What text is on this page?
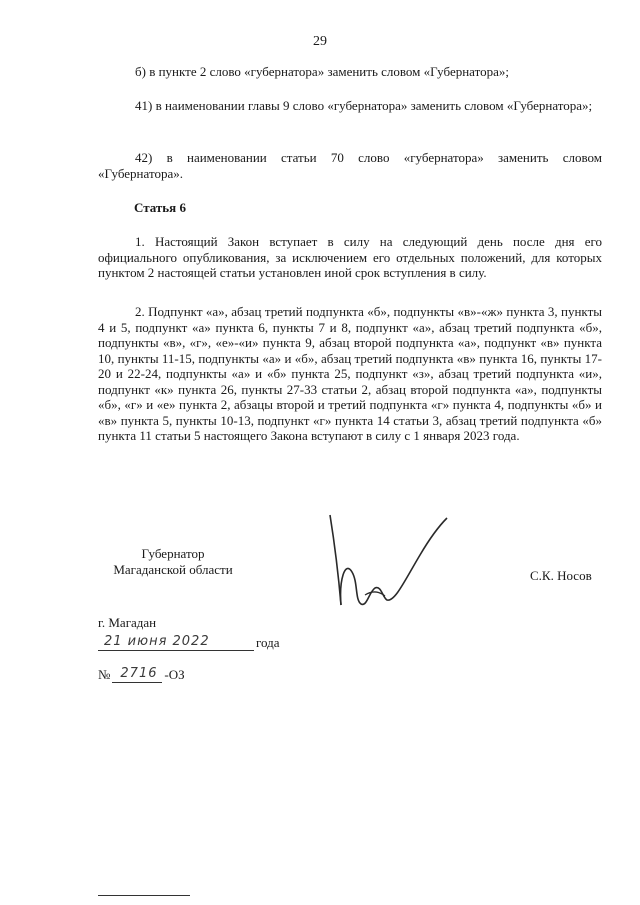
29
б) в пункте 2 слово «губернатора» заменить словом «Губернатора»;
41) в наименовании главы 9 слово «губернатора» заменить словом «Губернатора»;
42) в наименовании статьи 70 слово «губернатора» заменить словом «Губернатора».
Статья 6
1. Настоящий Закон вступает в силу на следующий день после дня его официального опубликования, за исключением его отдельных положений, для которых пунктом 2 настоящей статьи установлен иной срок вступления в силу.
2. Подпункт «а», абзац третий подпункта «б», подпункты «в»-«ж» пункта 3, пункты 4 и 5, подпункт «а» пункта 6, пункты 7 и 8, подпункт «а», абзац третий подпункта «б», подпункты «в», «г», «е»-«и» пункта 9, абзац второй подпункта «а», подпункт «в» пункта 10, пункты 11-15, подпункты «а» и «б», абзац третий подпункта «в» пункта 16, пункты 17-20 и 22-24, подпункты «а» и «б» пункта 25, подпункт «з», абзац третий подпункта «и», подпункт «к» пункта 26, пункты 27-33 статьи 2, абзац второй подпункта «а», подпункты «б», «г» и «е» пункта 2, абзацы второй и третий подпункта «г» пункта 4, подпункты «б» и «в» пункта 5, пункты 10-13, подпункт «г» пункта 14 статьи 3, абзац третий подпункта «б» пункта 11 статьи 5 настоящего Закона вступают в силу с 1 января 2023 года.
Губернатор
Магаданской области	С.К. Носов
г. Магадан
21 июня 2022	года
№ 2716 -ОЗ
